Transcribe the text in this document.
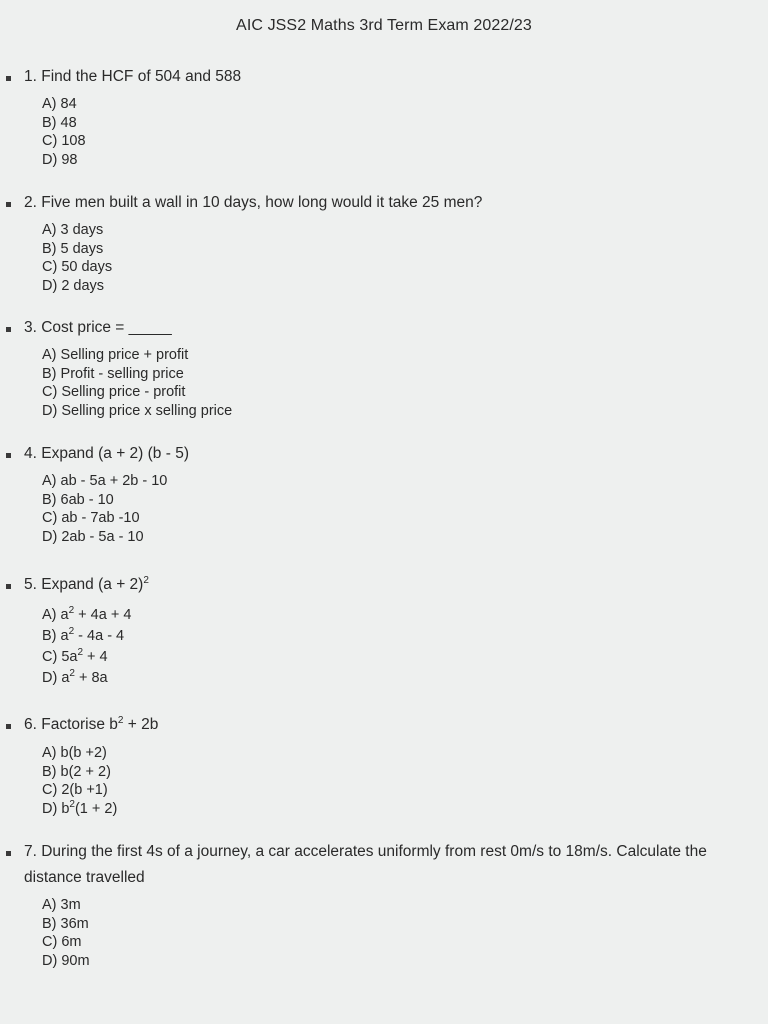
AIC JSS2 Maths 3rd Term Exam 2022/23
1. Find the HCF of 504 and 588
A) 84
B) 48
C) 108
D) 98
2. Five men built a wall in 10 days, how long would it take 25 men?
A) 3 days
B) 5 days
C) 50 days
D) 2 days
3. Cost price = _____
A) Selling price + profit
B) Profit - selling price
C) Selling price - profit
D) Selling price x selling price
4. Expand (a + 2) (b - 5)
A) ab - 5a + 2b - 10
B) 6ab - 10
C) ab - 7ab -10
D) 2ab - 5a - 10
5. Expand $(a + 2)^2$
A) $a^2 + 4a + 4$
B) $a^2 - 4a - 4$
C) $5a^2 + 4$
D) $a^2 + 8a$
6. Factorise $b^2 + 2b$
A) b(b +2)
B) b(2 + 2)
C) 2(b +1)
D) $b^2(1 + 2)$
7. During the first 4s of a journey, a car accelerates uniformly from rest 0m/s to 18m/s. Calculate the distance travelled
A) 3m
B) 36m
C) 6m
D) 90m
